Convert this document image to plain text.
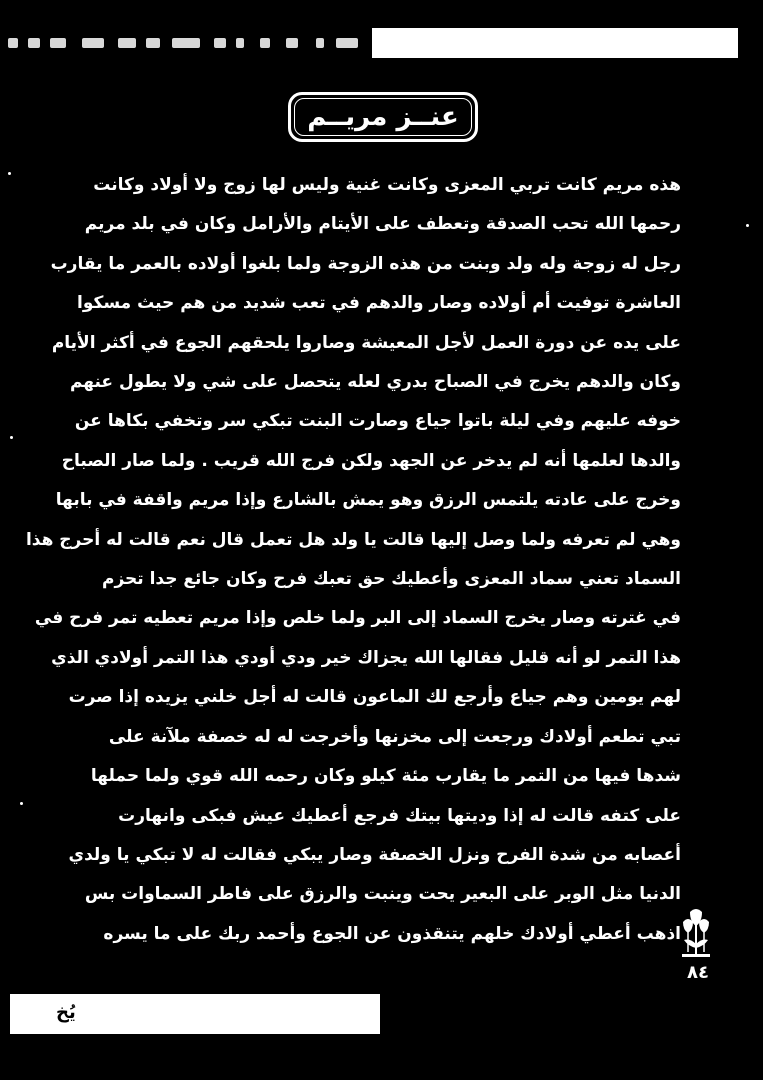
عنــز مريــم
هذه مريم كانت تربي المعزى وكانت غنية وليس لها زوج ولا أولاد وكانت
رحمها الله تحب الصدقة وتعطف على الأيتام والأرامل وكان في بلد مريم
رجل له زوجة وله ولد وبنت من هذه الزوجة ولما بلغوا أولاده بالعمر ما يقارب
العاشرة توفيت أم أولاده وصار والدهم في تعب شديد من هم حيث مسكوا
على يده عن دورة العمل لأجل المعيشة وصاروا يلحقهم الجوع في أكثر الأيام
وكان والدهم يخرج في الصباح بدري لعله يتحصل على شي ولا يطول عنهم
خوفه عليهم وفي ليلة باتوا جياع وصارت البنت تبكي سر وتخفي بكاها عن
والدها لعلمها أنه لم يدخر عن الجهد ولكن فرج الله قريب . ولما صار الصباح
وخرج على عادته يلتمس الرزق وهو يمش بالشارع وإذا مريم واقفة في بابها
وهي لم تعرفه ولما وصل إليها قالت يا ولد هل تعمل قال نعم قالت له أحرج هذا
السماد تعني سماد المعزى وأعطيك حق تعبك فرح وكان جائع جدا تحزم
في غترته وصار يخرج السماد إلى البر ولما خلص وإذا مريم تعطيه تمر فرح في
هذا التمر لو أنه قليل فقالها الله يجزاك خير ودي أودي هذا التمر أولادي الذي
لهم يومين وهم جياع وأرجع لك الماعون قالت له أجل خلني يزيده إذا صرت
تبي تطعم أولادك ورجعت إلى مخزنها وأخرجت له له خصفة ملآنة على
شدها فيها من التمر ما يقارب مئة كيلو وكان رحمه الله قوي ولما حملها
على كتفه قالت له إذا وديتها بيتك فرجع أعطيك عيش فبكى وانهارت
أعصابه من شدة الفرح ونزل الخصفة وصار يبكي فقالت له لا تبكي يا ولدي
الدنيا مثل الوبر على البعير يحت وينبت والرزق على فاطر السماوات بس
اذهب أعطي أولادك خلهم يتنقذون عن الجوع وأحمد ربك على ما يسره
٨٤
يُخ
